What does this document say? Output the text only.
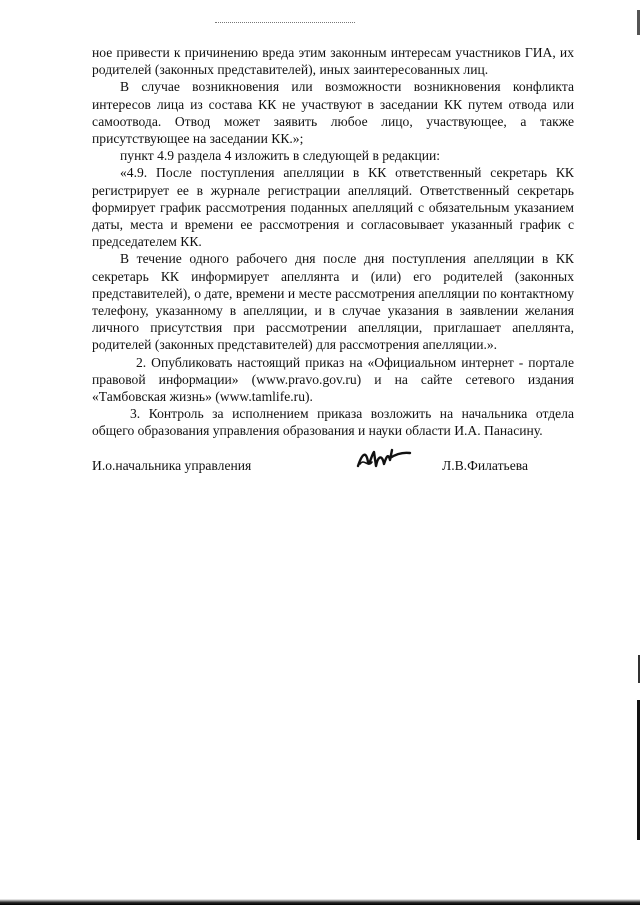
ное привести к причинению вреда этим законным интересам участников ГИА, их родителей (законных представителей), иных заинтересованных лиц.

В случае возникновения или возможности возникновения конфликта интересов лица из состава КК не участвуют в заседании КК путем отвода или самоотвода. Отвод может заявить любое лицо, участвующее, а также присутствующее на заседании КК.»;

пункт 4.9 раздела 4 изложить в следующей в редакции:

«4.9. После поступления апелляции в КК ответственный секретарь КК регистрирует ее в журнале регистрации апелляций. Ответственный секретарь формирует график рассмотрения поданных апелляций с обязательным указанием даты, места и времени ее рассмотрения и согласовывает указанный график с председателем КК.

В течение одного рабочего дня после дня поступления апелляции в КК секретарь КК информирует апеллянта и (или) его родителей (законных представителей), о дате, времени и месте рассмотрения апелляции по контактному телефону, указанному в апелляции, и в случае указания в заявлении желания личного присутствия при рассмотрении апелляции, приглашает апеллянта, родителей (законных представителей) для рассмотрения апелляции.».

2. Опубликовать настоящий приказ на «Официальном интернет - портале правовой информации» (www.pravo.gov.ru) и на сайте сетевого издания «Тамбовская жизнь» (www.tamlife.ru).

3. Контроль за исполнением приказа возложить на начальника отдела общего образования управления образования и науки области И.А. Панасину.

И.о.начальника управления	Л.В.Филатьева
